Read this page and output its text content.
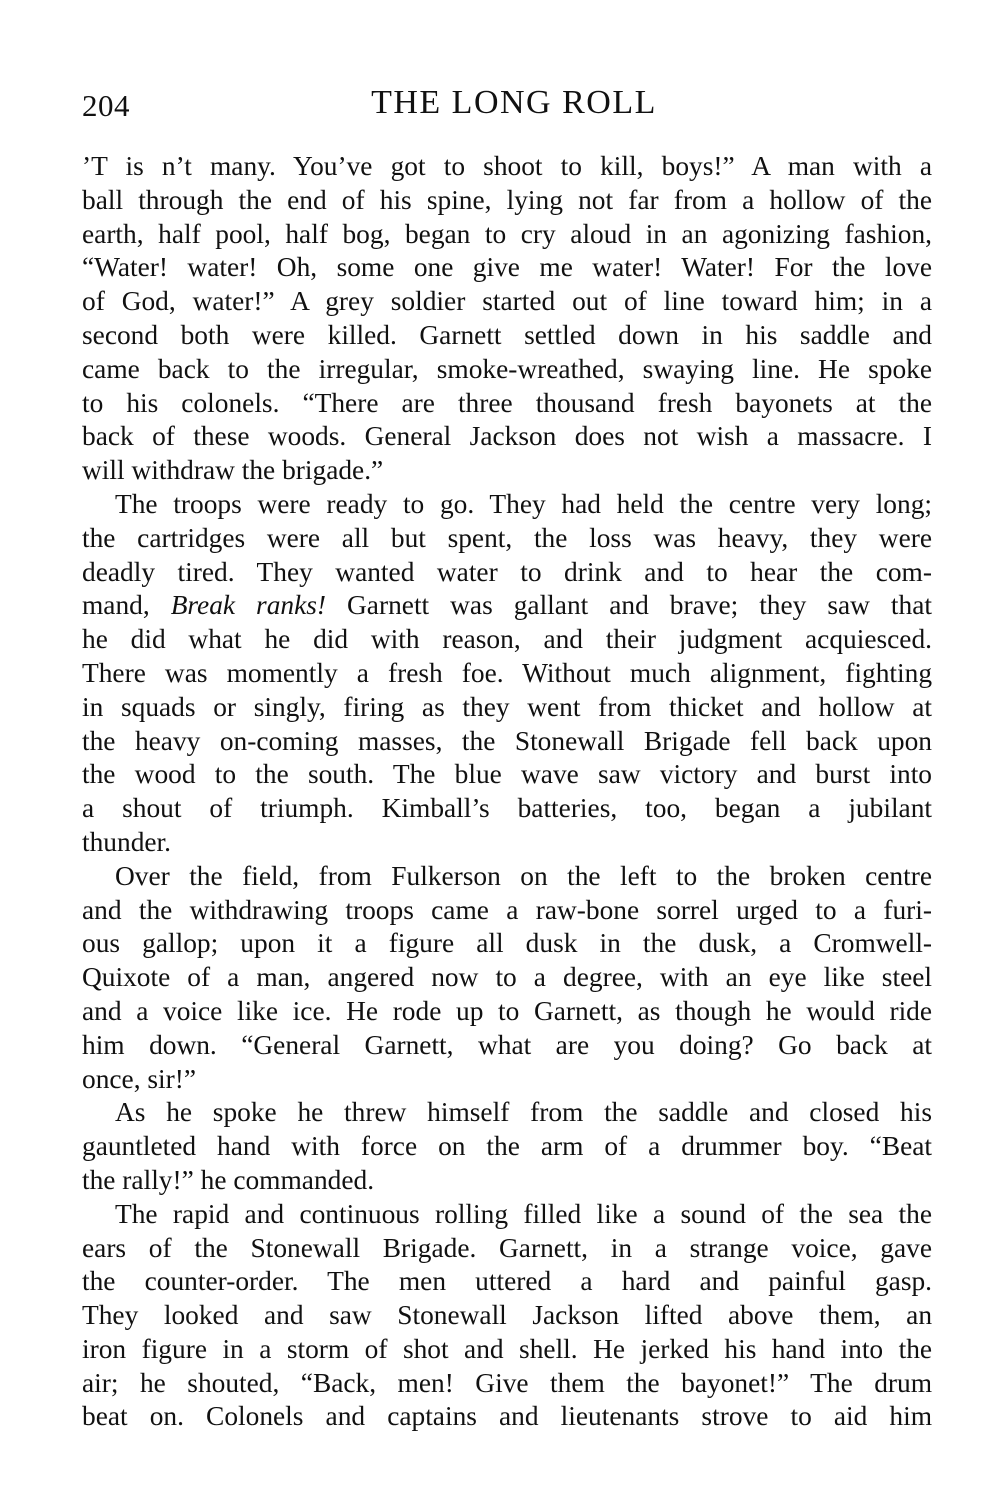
204	THE LONG ROLL

’T is n’t many. You’ve got to shoot to kill, boys!” A man with a
ball through the end of his spine, lying not far from a hollow of the
earth, half pool, half bog, began to cry aloud in an agonizing fashion,
“Water! water! Oh, some one give me water! Water! For the love
of God, water!” A grey soldier started out of line toward him; in a
second both were killed. Garnett settled down in his saddle and
came back to the irregular, smoke-wreathed, swaying line. He spoke
to his colonels. “There are three thousand fresh bayonets at the
back of these woods. General Jackson does not wish a massacre. I
will withdraw the brigade.”

The troops were ready to go. They had held the centre very long;
the cartridges were all but spent, the loss was heavy, they were
deadly tired. They wanted water to drink and to hear the com-
mand, Break ranks! Garnett was gallant and brave; they saw that
he did what he did with reason, and their judgment acquiesced.
There was momently a fresh foe. Without much alignment, fighting
in squads or singly, firing as they went from thicket and hollow at
the heavy on-coming masses, the Stonewall Brigade fell back upon
the wood to the south. The blue wave saw victory and burst into
a shout of triumph. Kimball’s batteries, too, began a jubilant
thunder.

Over the field, from Fulkerson on the left to the broken centre
and the withdrawing troops came a raw-bone sorrel urged to a furi-
ous gallop; upon it a figure all dusk in the dusk, a Cromwell-
Quixote of a man, angered now to a degree, with an eye like steel
and a voice like ice. He rode up to Garnett, as though he would ride
him down. “General Garnett, what are you doing? Go back at
once, sir!”

As he spoke he threw himself from the saddle and closed his
gauntleted hand with force on the arm of a drummer boy. “Beat
the rally!” he commanded.

The rapid and continuous rolling filled like a sound of the sea the
ears of the Stonewall Brigade. Garnett, in a strange voice, gave
the counter-order. The men uttered a hard and painful gasp.
They looked and saw Stonewall Jackson lifted above them, an
iron figure in a storm of shot and shell. He jerked his hand into the
air; he shouted, “Back, men! Give them the bayonet!” The drum
beat on. Colonels and captains and lieutenants strove to aid him
